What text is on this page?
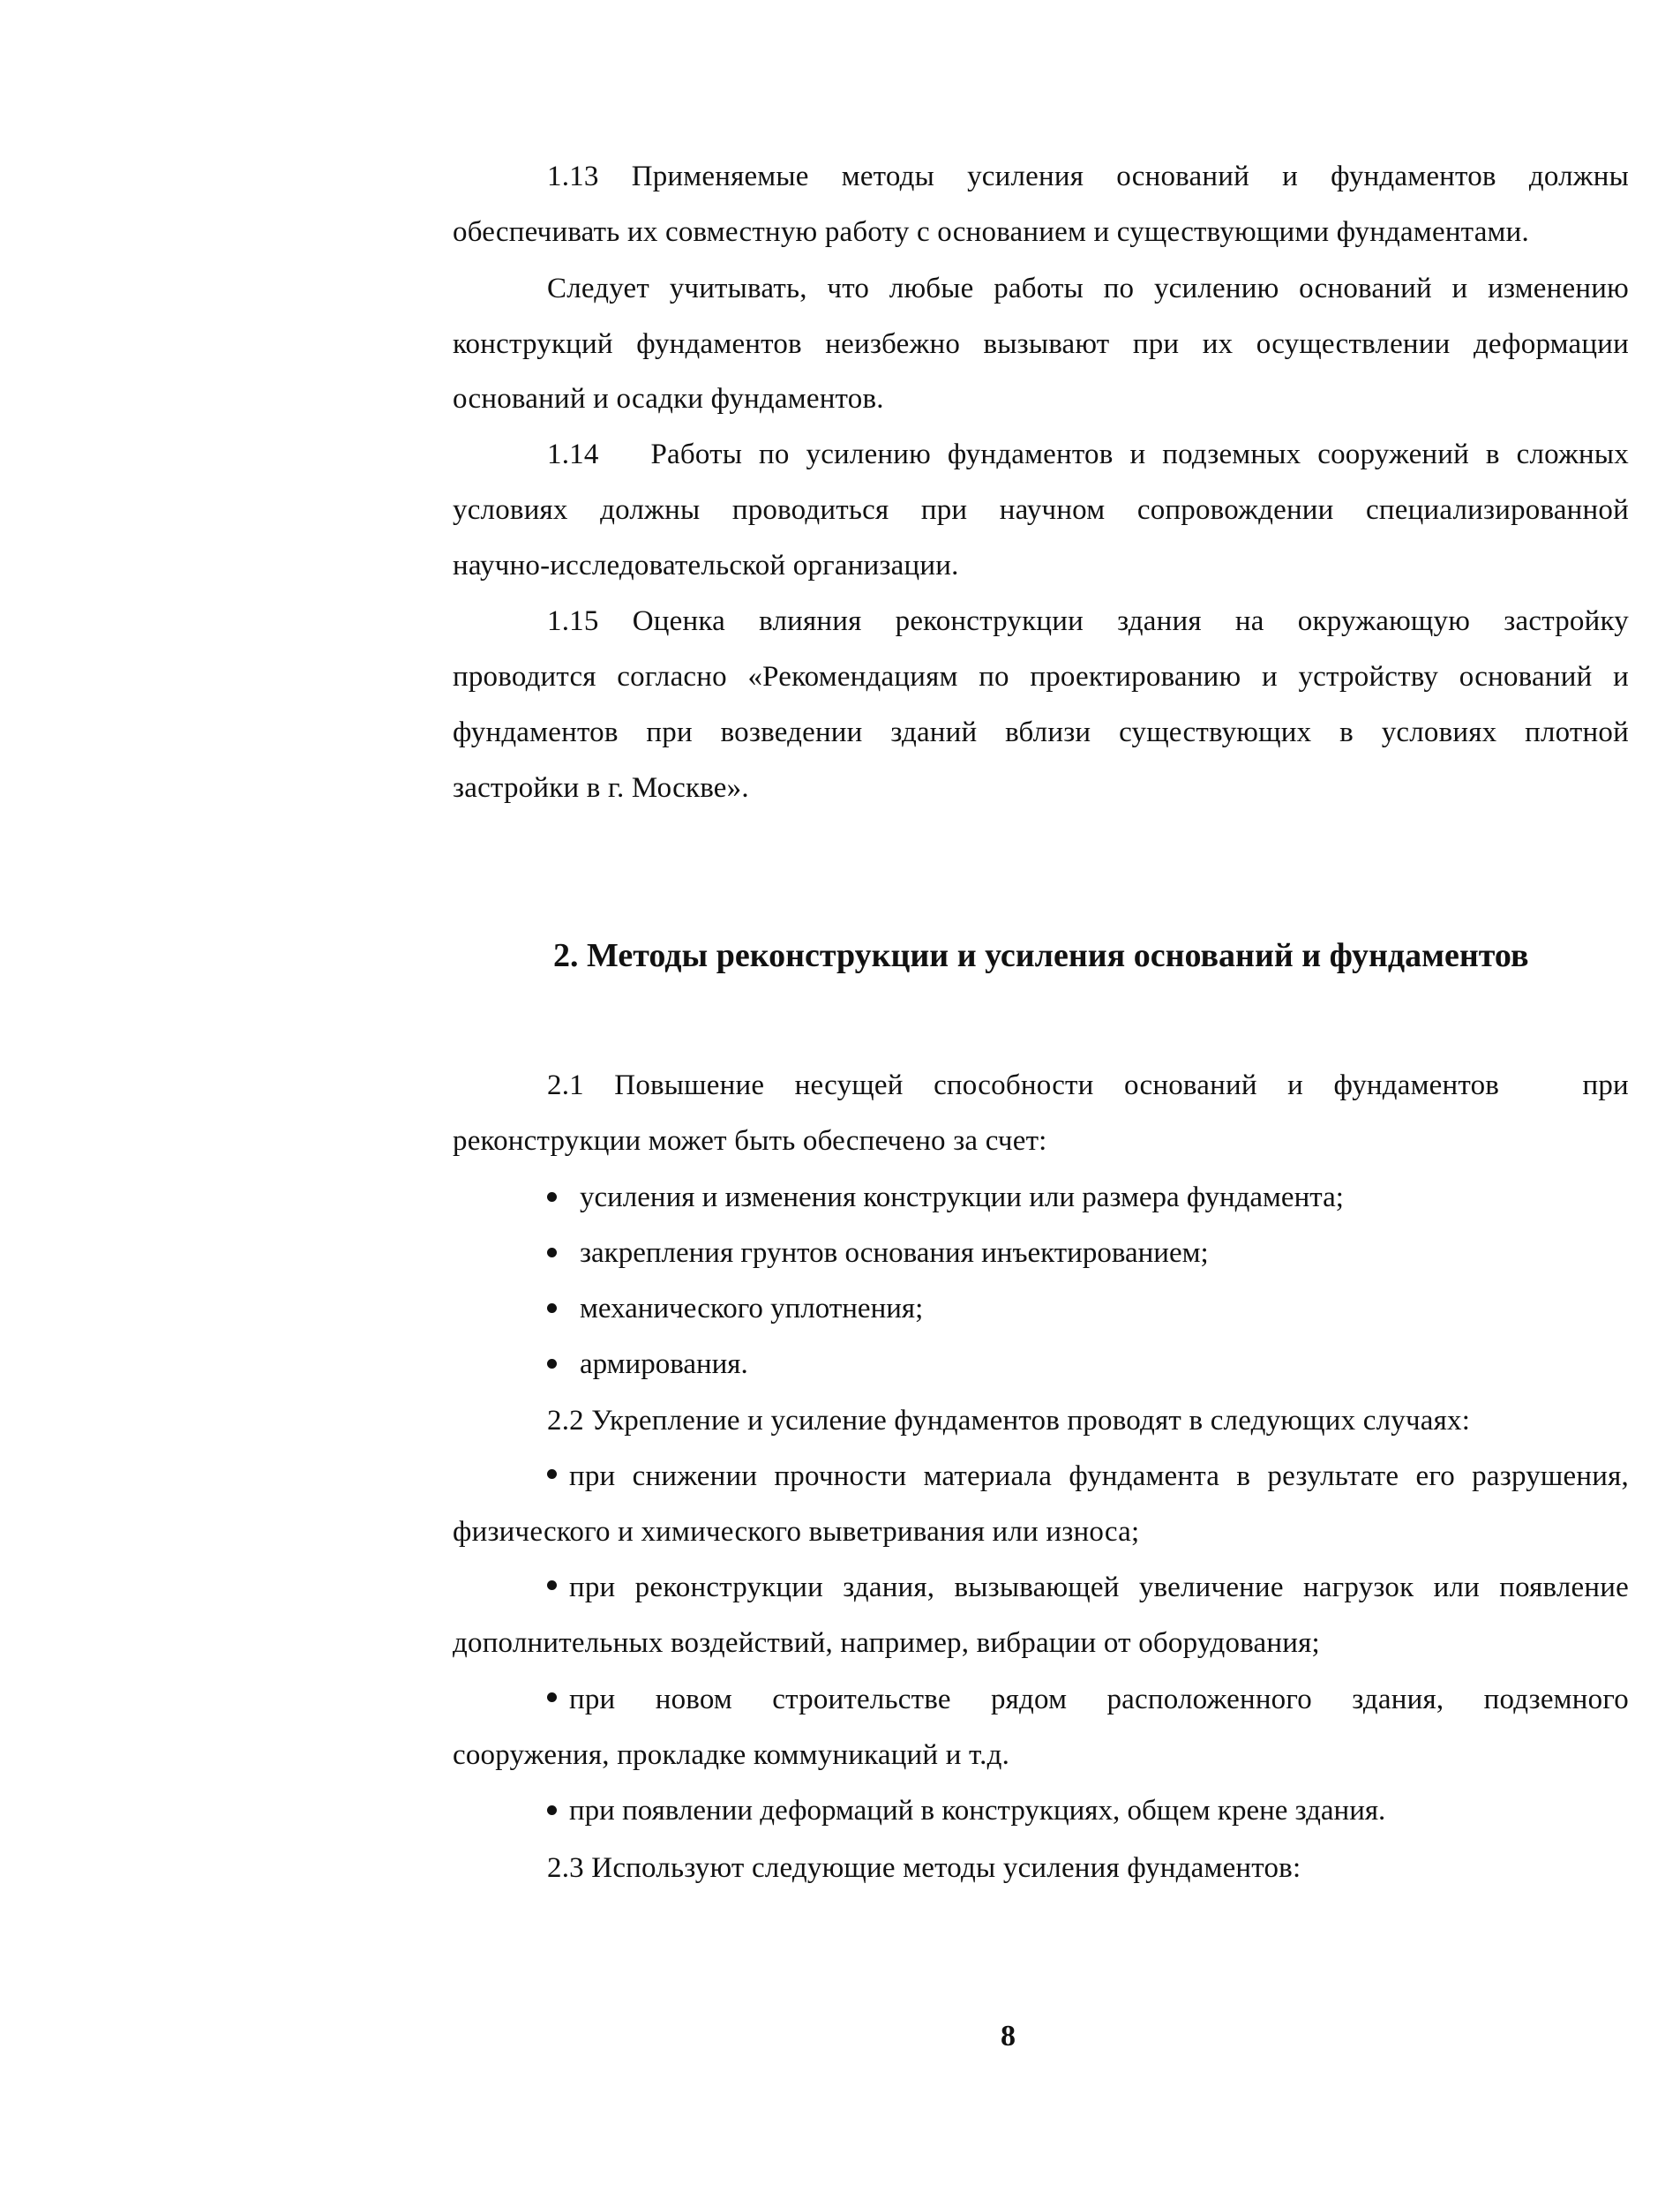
1.13 Применяемые методы усиления оснований и фундаментов должны
обеспечивать их совместную работу с основанием и существующими фундаментами.
Следует учитывать, что любые работы по усилению оснований и изменению
конструкций фундаментов неизбежно вызывают при их осуществлении деформации
оснований и осадки фундаментов.
1.14 Работы по усилению фундаментов и подземных сооружений в сложных
условиях должны проводиться при научном сопровождении специализированной
научно-исследовательской организации.
1.15 Оценка влияния реконструкции здания на окружающую застройку
проводится согласно «Рекомендациям по проектированию и устройству оснований и
фундаментов при возведении зданий вблизи существующих в условиях плотной
застройки в г. Москве».
2. Методы реконструкции и усиления оснований и фундаментов
2.1 Повышение несущей способности оснований и фундаментов	при
реконструкции может быть обеспечено за счет:
усиления и изменения конструкции или размера фундамента;
закрепления грунтов основания инъектированием;
механического уплотнения;
армирования.
2.2 Укрепление и усиление фундаментов проводят в следующих случаях:
при снижении прочности материала фундамента в результате его разрушения,
физического и химического выветривания или износа;
при реконструкции здания, вызывающей увеличение нагрузок или появление
дополнительных воздействий, например, вибрации от оборудования;
при новом строительстве рядом расположенного здания, подземного
сооружения, прокладке коммуникаций и т.д.
при появлении деформаций в конструкциях, общем крене здания.
2.3 Используют следующие методы усиления фундаментов:
8
